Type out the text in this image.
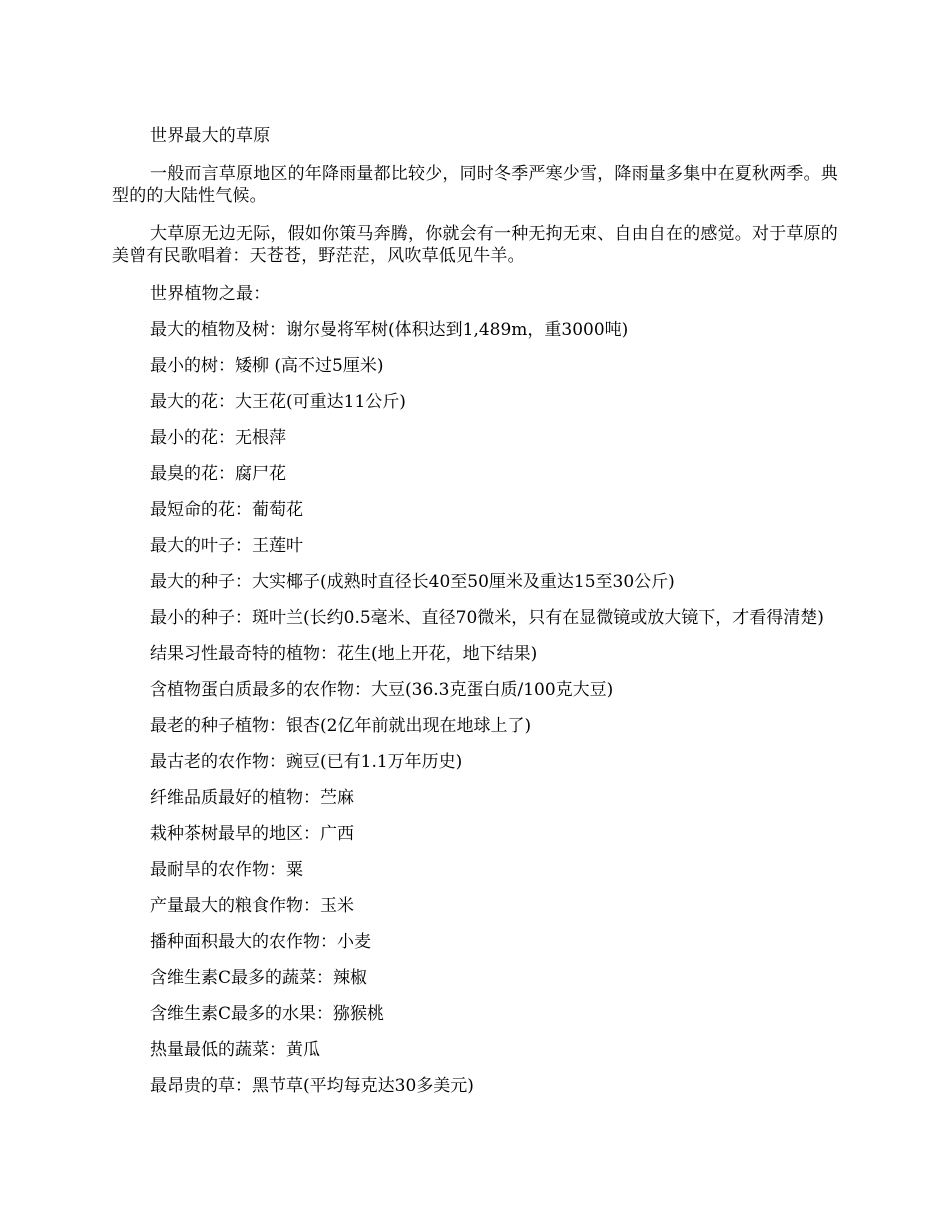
世界最大的草原

一般而言草原地区的年降雨量都比较少，同时冬季严寒少雪，降雨量多集中在夏秋两季。典型的的大陆性气候。

大草原无边无际，假如你策马奔腾，你就会有一种无拘无束、自由自在的感觉。对于草原的美曾有民歌唱着：天苍苍，野茫茫，风吹草低见牛羊。

世界植物之最：

最大的植物及树：谢尔曼将军树(体积达到1,489m，重3000吨)

最小的树：矮柳 (高不过5厘米)

最大的花：大王花(可重达11公斤)

最小的花：无根萍

最臭的花：腐尸花

最短命的花：葡萄花

最大的叶子：王莲叶

最大的种子：大实椰子(成熟时直径长40至50厘米及重达15至30公斤)

最小的种子：斑叶兰(长约0.5毫米、直径70微米，只有在显微镜或放大镜下，才看得清楚)

结果习性最奇特的植物：花生(地上开花，地下结果)

含植物蛋白质最多的农作物：大豆(36.3克蛋白质/100克大豆)

最老的种子植物：银杏(2亿年前就出现在地球上了)

最古老的农作物：豌豆(已有1.1万年历史)

纤维品质最好的植物：苎麻

栽种茶树最早的地区：广西

最耐旱的农作物：粟

产量最大的粮食作物：玉米

播种面积最大的农作物：小麦

含维生素C最多的蔬菜：辣椒

含维生素C最多的水果：猕猴桃

热量最低的蔬菜：黄瓜

最昂贵的草：黑节草(平均每克达30多美元)
